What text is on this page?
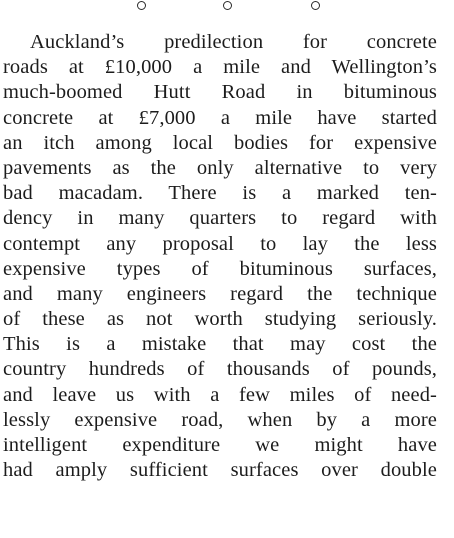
Auckland’s predilection for concrete
roads at £10,000 a mile and Wellington’s
much-boomed Hutt Road in bituminous
concrete at £7,000 a mile have started
an itch among local bodies for expensive
pavements as the only alternative to very
bad macadam. There is a marked ten-
dency in many quarters to regard with
contempt any proposal to lay the less
expensive types of bituminous surfaces,
and many engineers regard the technique
of these as not worth studying seriously.
This is a mistake that may cost the
country hundreds of thousands of pounds,
and leave us with a few miles of need-
lessly expensive road, when by a more
intelligent expenditure we might have
had amply sufficient surfaces over double
